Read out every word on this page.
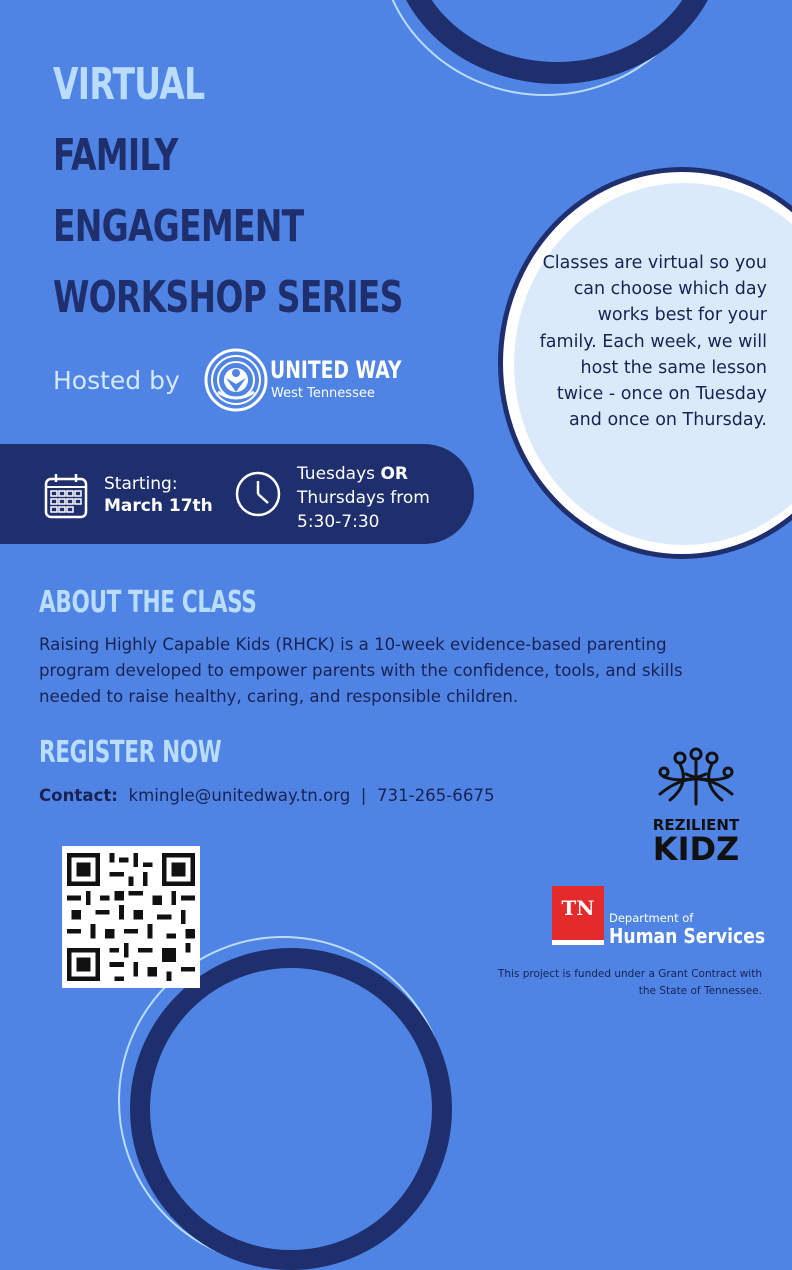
Classes are virtual so you can choose which day works best for your family. Each week, we will host the same lesson twice - once on Tuesday and once on Thursday.

VIRTUAL
FAMILY
ENGAGEMENT
WORKSHOP SERIES

Hosted by	UNITED WAY
West Tennessee
Starting:
March 17th

Tuesdays OR
Thursdays from
5:30-7:30

ABOUT THE CLASS

Raising Highly Capable Kids (RHCK) is a 10-week evidence-based parenting program developed to empower parents with the confidence, tools, and skills needed to raise healthy, caring, and responsible children.

REGISTER NOW

Contact: kmingle@unitedway.tn.org | 731-265-6675

REZILIENT
KIDZ
TN	Department of
Human Services

This project is funded under a Grant Contract with the State of Tennessee.
